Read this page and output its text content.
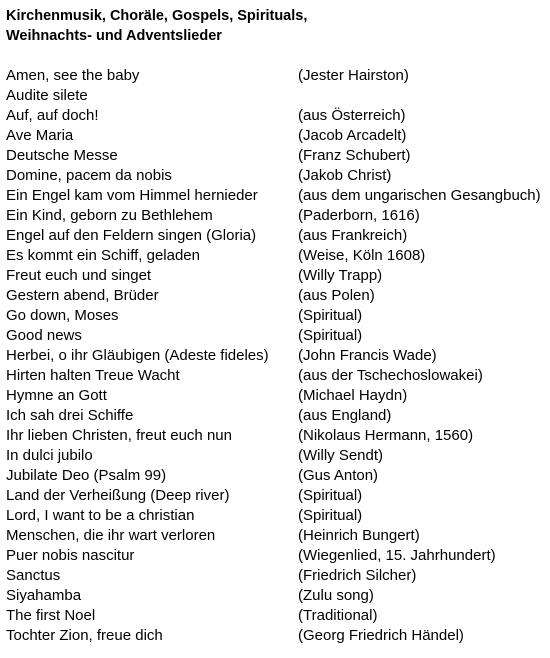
Kirchenmusik, Choräle, Gospels, Spirituals,
Weihnachts- und Adventslieder
Amen, see the baby	(Jester Hairston)
Audite silete
Auf, auf doch!	(aus Österreich)
Ave Maria	(Jacob Arcadelt)
Deutsche Messe	(Franz Schubert)
Domine, pacem da nobis	(Jakob Christ)
Ein Engel kam vom Himmel hernieder	(aus dem ungarischen Gesangbuch)
Ein Kind, geborn zu Bethlehem	(Paderborn, 1616)
Engel auf den Feldern singen (Gloria)	(aus Frankreich)
Es kommt ein Schiff, geladen	(Weise, Köln 1608)
Freut euch und singet	(Willy Trapp)
Gestern abend, Brüder	(aus Polen)
Go down, Moses	(Spiritual)
Good news	(Spiritual)
Herbei, o ihr Gläubigen (Adeste fideles)	(John Francis Wade)
Hirten halten Treue Wacht	(aus der Tschechoslowakei)
Hymne an Gott	(Michael Haydn)
Ich sah drei Schiffe	(aus England)
Ihr lieben Christen, freut euch nun	(Nikolaus Hermann, 1560)
In dulci jubilo	(Willy Sendt)
Jubilate Deo (Psalm 99)	(Gus Anton)
Land der Verheißung (Deep river)	(Spiritual)
Lord, I want to be a christian	(Spiritual)
Menschen, die ihr wart verloren	(Heinrich Bungert)
Puer nobis nascitur	(Wiegenlied, 15. Jahrhundert)
Sanctus	(Friedrich Silcher)
Siyahamba	(Zulu song)
The first Noel	(Traditional)
Tochter Zion, freue dich	(Georg Friedrich Händel)
